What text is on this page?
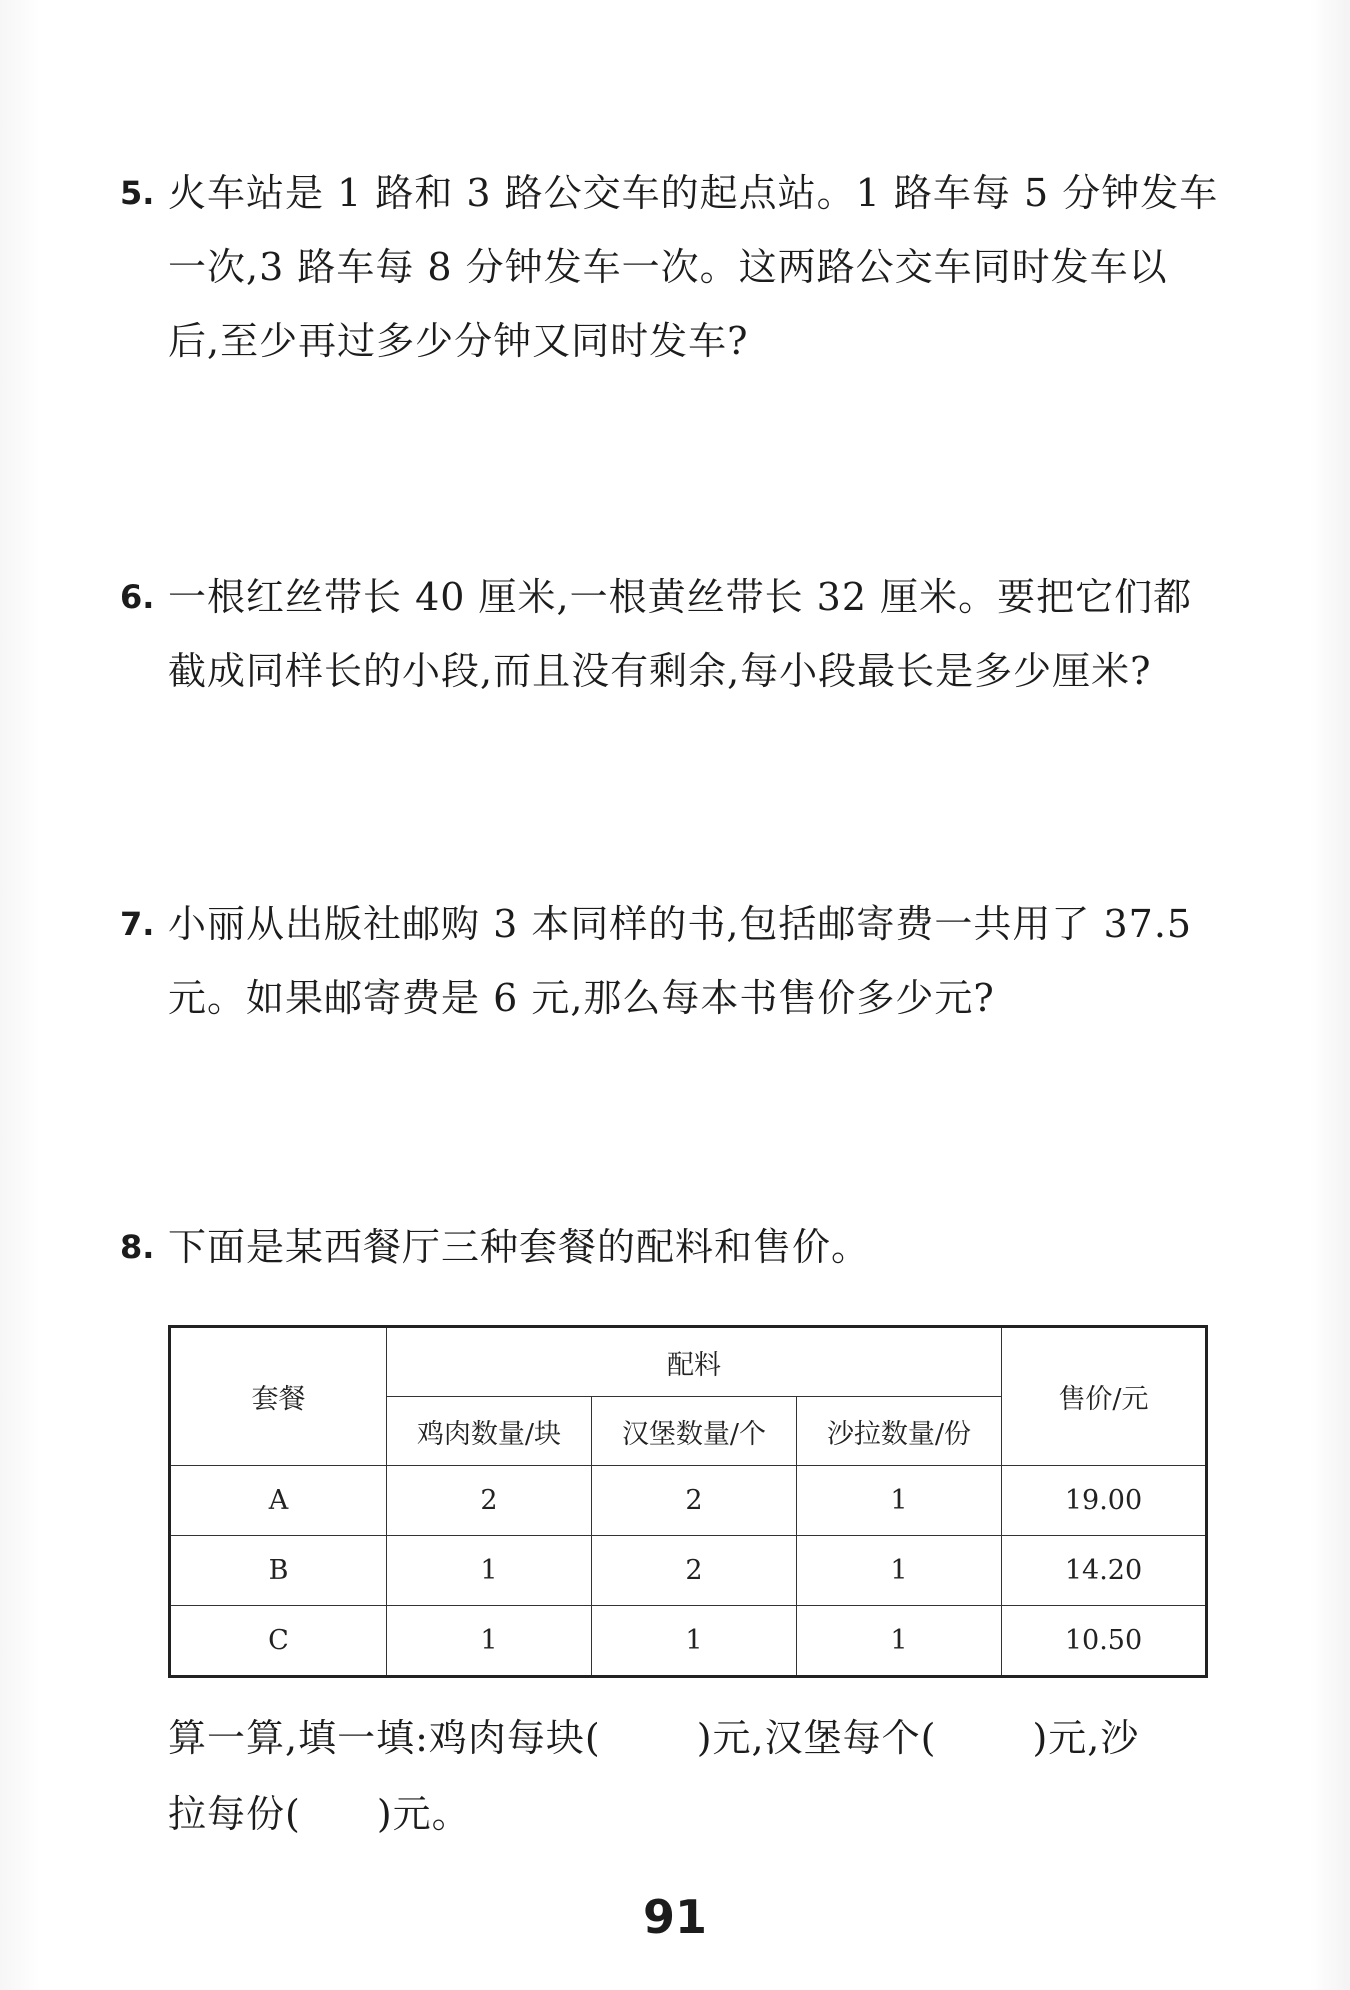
5. 火车站是 1 路和 3 路公交车的起点站。1 路车每 5 分钟发车
一次,3 路车每 8 分钟发车一次。这两路公交车同时发车以
后,至少再过多少分钟又同时发车?
6. 一根红丝带长 40 厘米,一根黄丝带长 32 厘米。要把它们都
截成同样长的小段,而且没有剩余,每小段最长是多少厘米?
7. 小丽从出版社邮购 3 本同样的书,包括邮寄费一共用了 37.5
元。如果邮寄费是 6 元,那么每本书售价多少元?
8. 下面是某西餐厅三种套餐的配料和售价。
套餐	配料			售价/元
	鸡肉数量/块	汉堡数量/个	沙拉数量/份	
A	2	2	1	19.00
B	1	2	1	14.20
C	1	1	1	10.50
算一算,填一填:鸡肉每块(	)元,汉堡每个(	)元,沙
拉每份( )元。
91
